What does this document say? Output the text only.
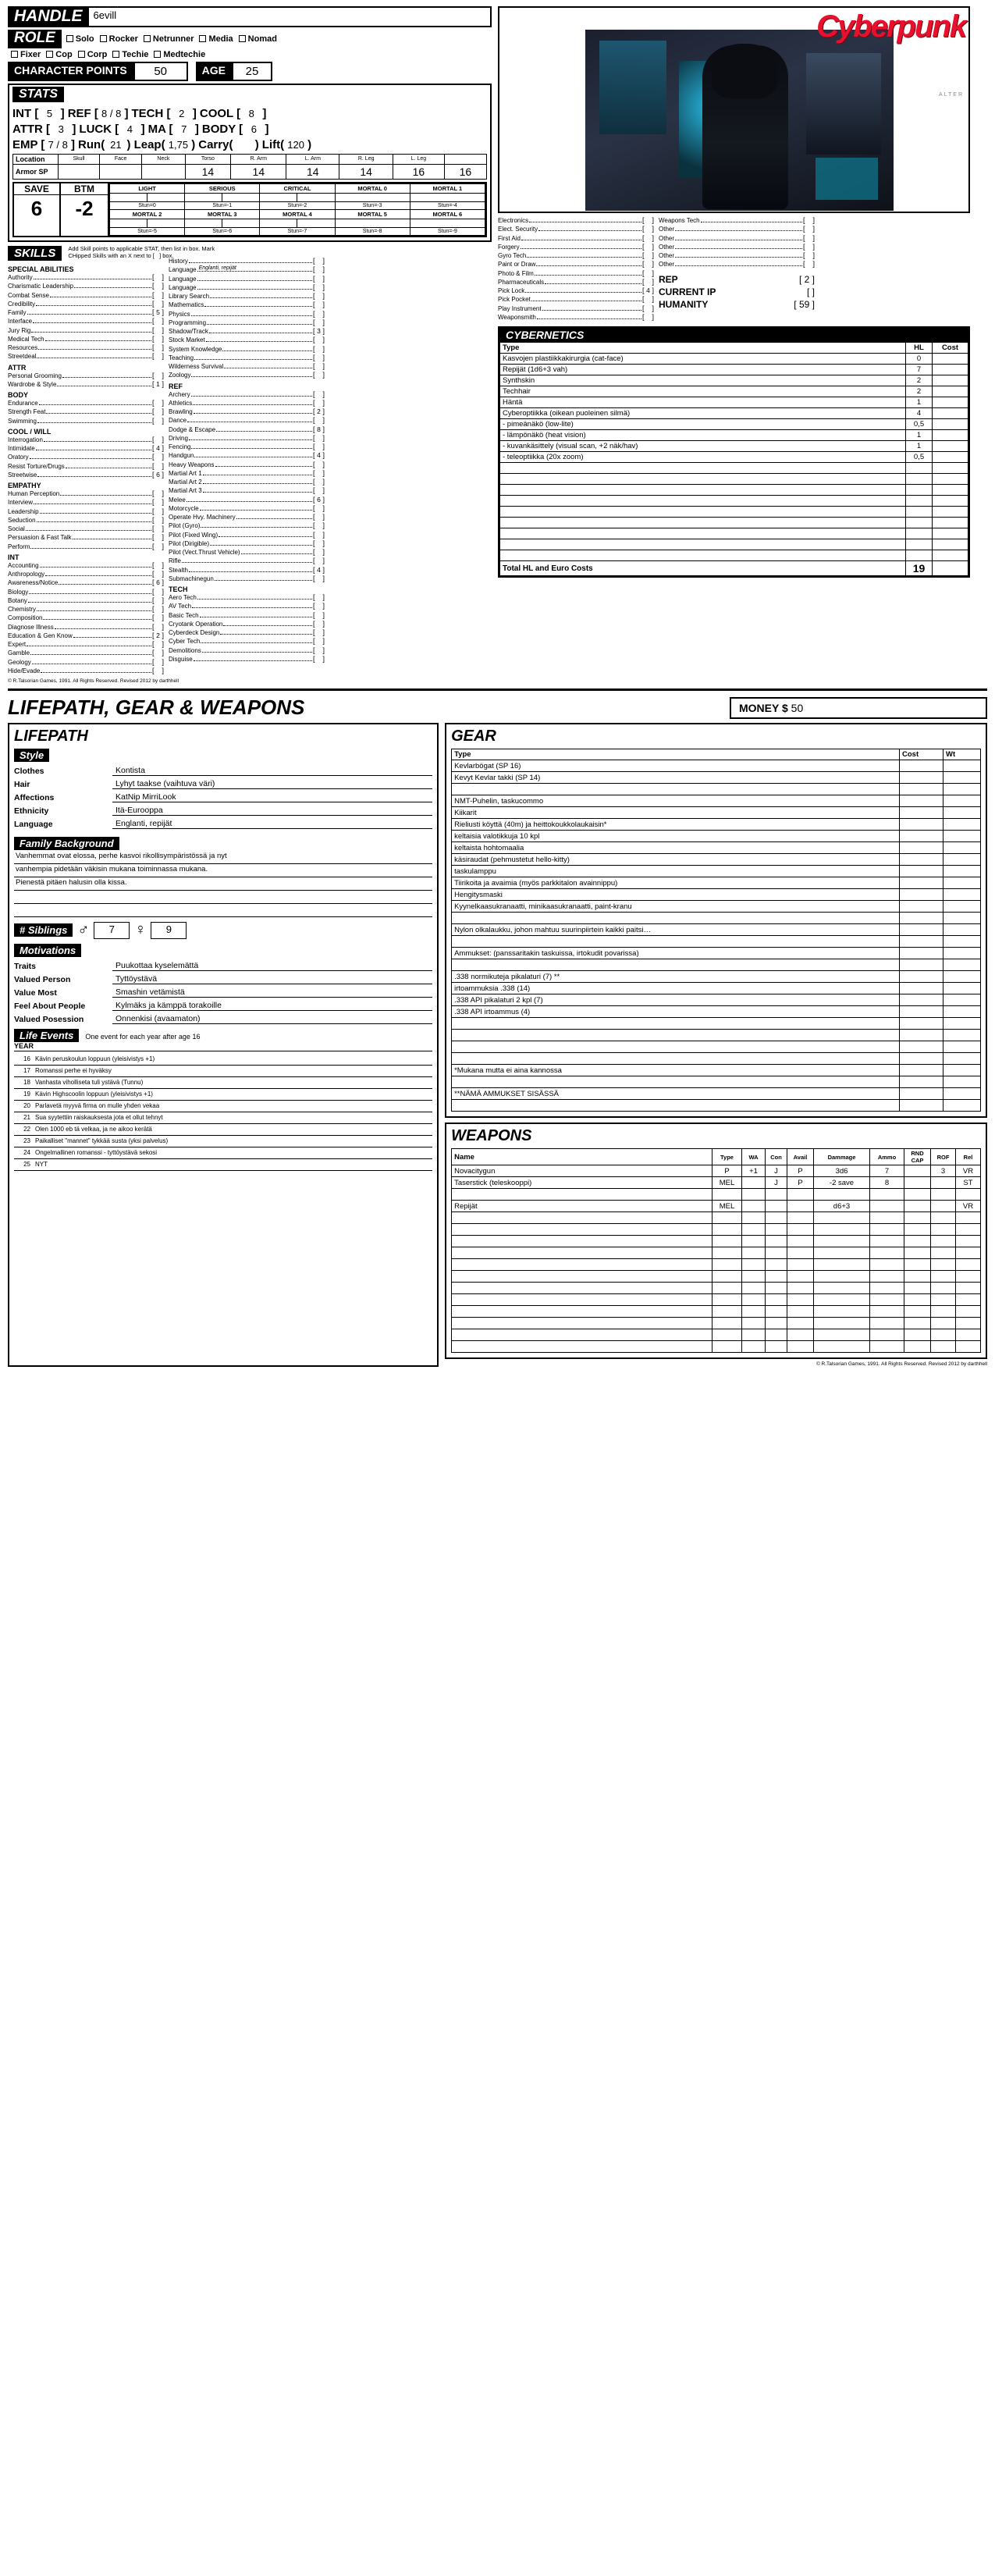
HANDLE	6evill
ROLE	Solo	Rocker	Netrunner	Media	Nomad
Fixer	Cop	Corp	Techie	Medtechie
CHARACTER POINTS	50	AGE	25
STATS
INT [ 5 ] REF [ 8 / 8 ] TECH [ 2 ] COOL [ 8 ]
ATTR [ 3 ] LUCK [ 4 ] MA [ 7 ] BODY [ 6 ]
EMP [ 7 / 8 ] Run( 21 ) Leap( 1,75 ) Carry(  ) Lift( 120 )
Location	Skull	Face	Neck	Torso	R. Arm	L. Arm	R. Leg	L. Leg	
Armor SP				14	14	14	14	16	16
SAVE
6
BTM
-2
LIGHT		SERIOUS		CRITICAL		MORTAL 0	MORTAL 1

Stun=0		Stun=-1		Stun=-2		Stun=-3	Stun=-4
MORTAL 2		MORTAL 3		MORTAL 4		MORTAL 5	MORTAL 6

Stun=-5		Stun=-6		Stun=-7		Stun=-8	Stun=-9
SKILLS	Add Skill points to applicable STAT, then list in box. Mark
CHipped Skills with an X next to [   ] box.
SPECIAL ABILITIES
Authority	[ ]
Charismatic Leadership	[ ]
Combat Sense	[ ]
Credibility	[ ]
Family	[ 5 ]
Interface	[ ]
Jury Rig	[ ]
Medical Tech	[ ]
Resources	[ ]
Streetdeal	[ ]
ATTR
Personal Grooming	[ ]
Wardrobe & Style	[ 1 ]
BODY
Endurance	[ ]
Strength Feat	[ ]
Swimming	[ ]
COOL / WILL
Interrogation	[ ]
Intimidate	[ 4 ]
Oratory	[ ]
Resist Torture/Drugs	[ ]
Streetwise	[ 6 ]
EMPATHY
Human Perception	[ ]
Interview	[ ]
Leadership	[ ]
Seduction	[ ]
Social	[ ]
Persuasion & Fast Talk	[ ]
Perform	[ ]
INT
Accounting	[ ]
Anthropology	[ ]
Awareness/Notice	[ 6 ]
Biology	[ ]
Botany	[ ]
Chemistry	[ ]
Composition	[ ]
Diagnose Illness	[ ]
Education & Gen Know	[ 2 ]
Expert	[ ]
Gamble	[ ]
Geology	[ ]
Hide/Evade	[ ]
History	[ ]
Language Englanti, repijät	[ ]
Language	[ ]
Language	[ ]
Library Search	[ ]
Mathematics	[ ]
Physics	[ ]
Programming	[ ]
Shadow/Track	[ 3 ]
Stock Market	[ ]
System Knowledge	[ ]
Teaching	[ ]
Wilderness Survival	[ ]
Zoology	[ ]
REF
Archery	[ ]
Athletics	[ ]
Brawling	[ 2 ]
Dance	[ ]
Dodge & Escape	[ 8 ]
Driving	[ ]
Fencing	[ ]
Handgun	[ 4 ]
Heavy Weapons	[ ]
Martial Art 1	[ ]
Martial Art 2	[ ]
Martial Art 3	[ ]
Melee	[ 6 ]
Motorcycle	[ ]
Operate Hvy. Machinery	[ ]
Pilot (Gyro)	[ ]
Pilot (Fixed Wing)	[ ]
Pilot (Dirigible)	[ ]
Pilot (Vect.Thrust Vehicle)	[ ]
Rifle	[ ]
Stealth	[ 4 ]
Submachinegun	[ ]
TECH
Aero Tech	[ ]
AV Tech	[ ]
Basic Tech	[ ]
Cryotank Operation	[ ]
Cyberdeck Design	[ ]
Cyber Tech	[ ]
Demolitions	[ ]
Disguise	[ ]
© R.Talsorian Games, 1991. All Rights Reserved. Revised 2012 by darthhell
Cyberpunk
ALTER
Electronics	[ ]
Elect. Security	[ ]
First Aid	[ ]
Forgery	[ ]
Gyro Tech	[ ]
Paint or Draw	[ ]
Photo & Film	[ ]
Pharmaceuticals	[ ]
Pick Lock	[ 4 ]
Pick Pocket	[ ]
Play Instrument	[ ]
Weaponsmith	[ ]
Weapons Tech	[ ]
Other	[ ]
Other	[ ]
Other	[ ]
Other	[ ]
Other	[ ]
REP	[ 2 ]
CURRENT IP	[ ]
HUMANITY	[ 59 ]
CYBERNETICS
Type	HL	Cost
Kasvojen plastiikkakirurgia (cat-face)	0	
Repijät (1d6+3 vah)	7	
Synthskin	2	
Techhair	2	
Häntä	1	
Cyberoptiikka (oikean puoleinen silmä)	4	
- pimeänäkö (low-lite)	0,5	
- lämpönäkö (heat vision)	1	
- kuvankäsittely (visual scan, +2 näk/hav)	1	
- teleoptiikka (20x zoom)	0,5	

Total HL and Euro Costs	19	
LIFEPATH, GEAR & WEAPONS	MONEY $ 50
LIFEPATH
Style
Clothes	Kontista
Hair	Lyhyt taakse (vaihtuva väri)
Affections	KatNip MirriLook
Ethnicity	Itä-Eurooppa
Language	Englanti, repijät
Family Background
Vanhemmat ovat elossa, perhe kasvoi rikollisympäristössä ja nyt
vanhempia pidetään väkisin mukana toiminnassa mukana.
Pienestä pitäen halusin olla kissa.
# Siblings ♂	7	♀	9
Motivations
Traits	Puukottaa kyselemättä
Valued Person	Tyttöystävä
Value Most	Smashin vetämistä
Feel About People	Kylmäks ja kämppä torakoille
Valued Posession	Onnenkisi (avaamaton)
Life Events	One event for each year after age 16
YEAR
16	Kävin peruskoulun loppuun (yleisivistys +1)
17	Romanssi perhe ei hyväksy
18	Vanhasta viholliseta tuli ystävä (Tunnu)
19	Kävin Highscoolin loppuun (yleisivistys +1)
20	Parlavetä myyvä firma on mulle yhden vekaa
21	Sua syytettiin raiskauksesta jota et ollut tehnyt
22	Olen 1000 eb tä velkaa, ja ne aikoo kerätä
23	Paikalliset "mannet" tykkää susta (yksi palvelus)
24	Ongelmallinen romanssi - tyttöystävä sekosi
25	NYT
GEAR
Type	Cost	Wt
Kevlarbögat (SP 16)		
Kevyt Kevlar takki (SP 14)		

NMT-Puhelin, taskucommo		
Kiikarit		
Rieliusti köyttä (40m) ja heittokoukkolaukaisin*		
keltaisia valotikkuja 10 kpl		
keltaista hohtomaalia		
käsiraudat (pehmustetut hello-kitty)		
taskulamppu		
Tiirikoita ja avaimia (myös parkkitalon avainnippu)		
Hengitysmaski		
Kyynelkaasukranaatti, minikaasukranaatti, paint-kranu		

Nylon olkalaukku, johon mahtuu suurinpiirtein kaikki paitsi…		

Ammukset: (panssaritakin taskuissa, irtokudit povarissa)		

.338 normikuteja pikalaturi (7) **		
irtoammuksia .338 (14)		
.338 API pikalaturi 2 kpl (7)		
.338 API irtoammus (4)		

*Mukana mutta ei aina kannossa		

**NÄMÄ AMMUKSET SISÄSSÄ		

WEAPONS
Name	Type	WA	Con	Avail	Dammage	Ammo	RND CAP	ROF	Rel
Novacitygun	P	+1	J	P	3d6	7		3	VR
Taserstick (teleskooppi)	MEL		J	P	-2 save	8			ST

Repijät	MEL				d6+3				VR

© R.Talsorian Games, 1991. All Rights Reserved. Revised 2012 by darthhell
